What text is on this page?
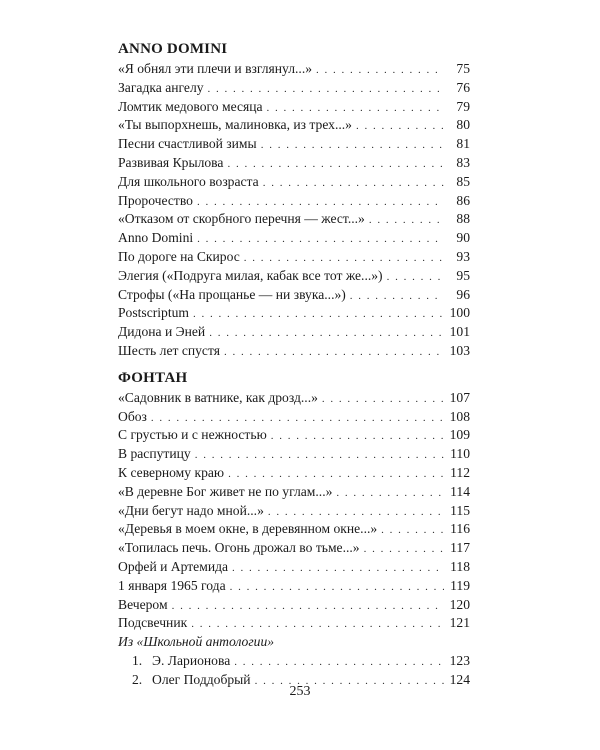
ANNO DOMINI
«Я обнял эти плечи и взглянул...» . . .	75
Загадка ангелу . . .	76
Ломтик медового месяца . . .	79
«Ты выпорхнешь, малиновка, из трех...» . . .	80
Песни счастливой зимы . . .	81
Развивая Крылова . . .	83
Для школьного возраста . . .	85
Пророчество . . .	86
«Отказом от скорбного перечня — жест...» . . .	88
Anno Domini . . .	90
По дороге на Скирос . . .	93
Элегия («Подруга милая, кабак все тот же...») . . .	95
Строфы («На прощанье — ни звука...») . . .	96
Postscriptum . . .	100
Дидона и Эней . . .	101
Шесть лет спустя . . .	103
ФОНТАН
«Садовник в ватнике, как дрозд...» . . .	107
Обоз . . .	108
С грустью и с нежностью . . .	109
В распутицу . . .	110
К северному краю . . .	112
«В деревне Бог живет не по углам...» . . .	114
«Дни бегут надо мной...» . . .	115
«Деревья в моем окне, в деревянном окне...» . . .	116
«Топилась печь. Огонь дрожал во тьме...» . . .	117
Орфей и Артемида . . .	118
1 января 1965 года . . .	119
Вечером . . .	120
Подсвечник . . .	121
Из «Школьной антологии»
1. Э. Ларионова . . .	123
2. Олег Поддобрый . . .	124
253
